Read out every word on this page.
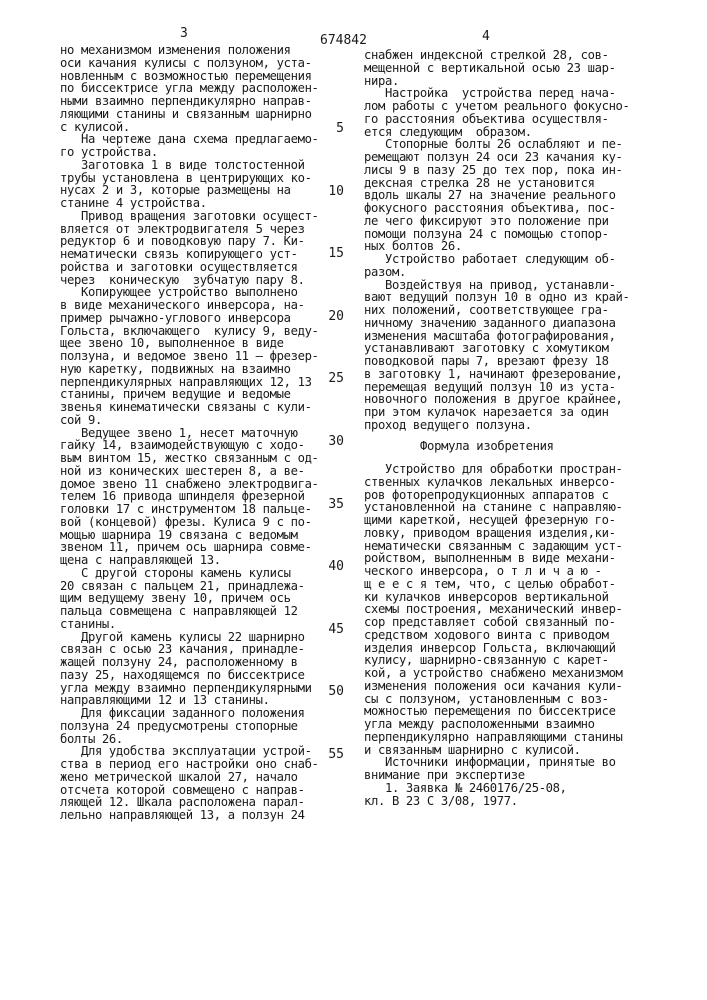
3	674842	4
5
10
15
20
25
30
35
40
45
50
55
но механизмом изменения положения
оси качания кулисы с ползуном, уста-
новленным с возможностью перемещения
по биссектрисе угла между расположен-
ными взаимно перпендикулярно направ-
ляющими станины и связанным шарнирно
с кулисой.
На чертеже дана схема предлагаемо-
го устройства.
Заготовка 1 в виде толстостенной
трубы установлена в центрирующих ко-
нусах 2 и 3, которые размещены на
станине 4 устройства.
Привод вращения заготовки осущест-
вляется от электродвигателя 5 через
редуктор 6 и поводковую пару 7. Ки-
нематически связь копирующего уст-
ройства и заготовки осуществляется
через  коническую  зубчатую пару 8.
Копирующее устройство выполнено
в виде механического инверсора, на-
пример рычажно-углового инверсора
Гольста, включающего  кулису 9, веду-
щее звено 10, выполненное в виде
ползуна, и ведомое звено 11 — фрезер-
ную каретку, подвижных на взаимно
перпендикулярных направляющих 12, 13
станины, причем ведущие и ведомые
звенья кинематически связаны с кули-
сой 9.
Ведущее звено 1, несет маточную
гайку 14, взаимодействующую с ходо-
вым винтом 15, жестко связанным с од-
ной из конических шестерен 8, а ве-
домое звено 11 снабжено электродвига-
телем 16 привода шпинделя фрезерной
головки 17 с инструментом 18 пальце-
вой (концевой) фрезы. Кулиса 9 с по-
мощью шарнира 19 связана с ведомым
звеном 11, причем ось шарнира совме-
щена с направляющей 13.
С другой стороны камень кулисы
20 связан с пальцем 21, принадлежа-
щим ведущему звену 10, причем ось
пальца совмещена с направляющей 12
станины.
Другой камень кулисы 22 шарнирно
связан с осью 23 качания, принадле-
жащей ползуну 24, расположенному в
пазу 25, находящемся по биссектрисе
угла между взаимно перпендикулярными
направляющими 12 и 13 станины.
Для фиксации заданного положения
ползуна 24 предусмотрены стопорные
болты 26.
Для удобства эксплуатации устрой-
ства в период его настройки оно снаб-
жено метрической шкалой 27, начало
отсчета которой совмещено с направ-
ляющей 12. Шкала расположена парал-
лельно направляющей 13, а ползун 24
снабжен индексной стрелкой 28, сов-
мещенной с вертикальной осью 23 шар-
нира.
Настройка  устройства перед нача-
лом работы с учетом реального фокусно-
го расстояния объектива осуществля-
ется следующим  образом.
Стопорные болты 26 ослабляют и пе-
ремещают ползун 24 оси 23 качания ку-
лисы 9 в пазу 25 до тех пор, пока ин-
дексная стрелка 28 не установится
вдоль шкалы 27 на значение реального
фокусного расстояния объектива, пос-
ле чего фиксируют это положение при
помощи ползуна 24 с помощью стопор-
ных болтов 26.
Устройство работает следующим об-
разом.
Воздействуя на привод, устанавли-
вают ведущий ползун 10 в одно из край-
них положений, соответствующее гра-
ничному значению заданного диапазона
изменения масштаба фотографирования,
устанавливают заготовку с хомутиком
поводковой пары 7, врезают фрезу 18
в заготовку 1, начинают фрезерование,
перемещая ведущий ползун 10 из уста-
новочного положения в другое крайнее,
при этом кулачок нарезается за один
проход ведущего ползуна.
Формула изобретения
Устройство для обработки простран-
ственных кулачков лекальных инверсо-
ров фоторепродукционных аппаратов с
установленной на станине с направляю-
щими кареткой, несущей фрезерную го-
ловку, приводом вращения изделия,ки-
нематически связанным с задающим уст-
ройством, выполненным в виде механи-
ческого инверсора, о т л и ч а ю -
щ е е с я тем, что, с целью обработ-
ки кулачков инверсоров вертикальной
схемы построения, механический инвер-
сор представляет собой связанный по-
средством ходового винта с приводом
изделия инверсор Гольста, включающий
кулису, шарнирно-связанную с карет-
кой, а устройство снабжено механизмом
изменения положения оси качания кули-
сы с ползуном, установленным с воз-
можностью перемещения по биссектрисе
угла между расположенными взаимно
перпендикулярно направляющими станины
и связанным шарнирно с кулисой.
Источники информации, принятые во
внимание при экспертизе
1. Заявка № 2460176/25-08,
кл. В 23 С 3/08, 1977.
